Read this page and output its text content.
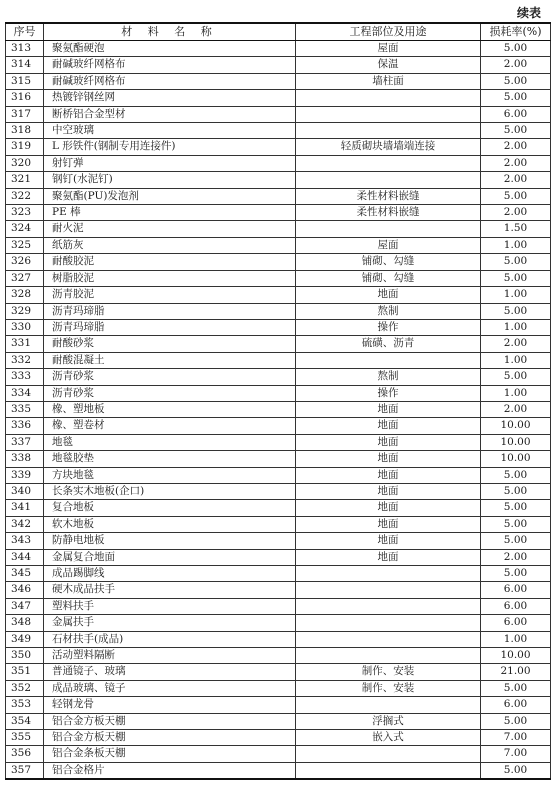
续表
序号	材 料 名 称	工程部位及用途	损耗率(%)
313	聚氨酯硬泡	屋面	5.00
314	耐碱玻纤网格布	保温	2.00
315	耐碱玻纤网格布	墙柱面	5.00
316	热镀锌钢丝网		5.00
317	断桥铝合金型材		6.00
318	中空玻璃		5.00
319	L 形铁件(钢制专用连接件)	轻质砌块墙墙端连接	2.00
320	射钉弹		2.00
321	钢钉(水泥钉)		2.00
322	聚氨酯(PU)发泡剂	柔性材料嵌缝	5.00
323	PE 棒	柔性材料嵌缝	2.00
324	耐火泥		1.50
325	纸筋灰	屋面	1.00
326	耐酸胶泥	铺砌、勾缝	5.00
327	树脂胶泥	铺砌、勾缝	5.00
328	沥青胶泥	地面	1.00
329	沥青玛𤧛脂	熬制	5.00
330	沥青玛𤧛脂	操作	1.00
331	耐酸砂浆	硫磺、沥青	2.00
332	耐酸混凝土		1.00
333	沥青砂浆	熬制	5.00
334	沥青砂浆	操作	1.00
335	橡、塑地板	地面	2.00
336	橡、塑卷材	地面	10.00
337	地毯	地面	10.00
338	地毯胶垫	地面	10.00
339	方块地毯	地面	5.00
340	长条实木地板(企口)	地面	5.00
341	复合地板	地面	5.00
342	软木地板	地面	5.00
343	防静电地板	地面	5.00
344	金属复合地面	地面	2.00
345	成品踢脚线		5.00
346	硬木成品扶手		6.00
347	塑料扶手		6.00
348	金属扶手		6.00
349	石材扶手(成品)		1.00
350	活动塑料隔断		10.00
351	普通镜子、玻璃	制作、安装	21.00
352	成品玻璃、镜子	制作、安装	5.00
353	轻钢龙骨		6.00
354	铝合金方板天棚	浮搁式	5.00
355	铝合金方板天棚	嵌入式	7.00
356	铝合金条板天棚		7.00
357	铝合金格片		5.00
